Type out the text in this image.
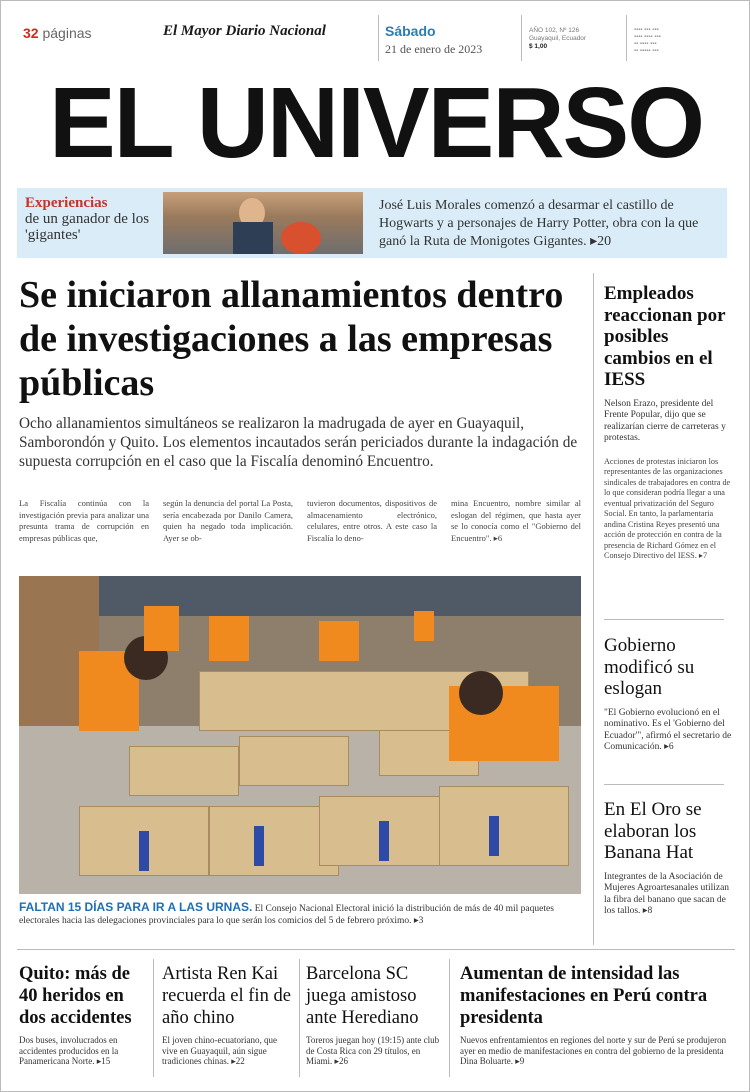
32 páginas	El Mayor Diario Nacional	Sábado
21 de enero de 2023
AÑO 102, Nº 126
Guayaquil, Ecuador
$ 1,00
▪▪▪▪ ▪▪▪ ▪▪▪
▪▪▪▪ ▪▪▪▪ ▪▪▪
▪▪ ▪▪▪▪ ▪▪▪
▪▪ ▪▪▪▪▪ ▪▪▪
EL UNIVERSO
Experiencias
de un ganador de los 'gigantes'
José Luis Morales comenzó a desarmar el castillo de Hogwarts y a personajes de Harry Potter, obra con la que ganó la Ruta de Monigotes Gigantes. ▸20
Se iniciaron allanamientos dentro de investigaciones a las empresas públicas
Ocho allanamientos simultáneos se realizaron la madrugada de ayer en Guayaquil, Samborondón y Quito. Los elementos incautados serán periciados durante la indagación de supuesta corrupción en el caso que la Fiscalía denominó Encuentro.

La Fiscalía continúa con la investigación previa para analizar una presunta trama de corrupción en empresas públicas que,

según la denuncia del portal La Posta, sería encabezada por Danilo Camera, quien ha negado toda implicación. Ayer se ob-

tuvieron documentos, dispositivos de almacenamiento electrónico, celulares, entre otros. A este caso la Fiscalía lo deno-

mina Encuentro, nombre similar al eslogan del régimen, que hasta ayer se lo conocía como el "Gobierno del Encuentro". ▸6

FALTAN 15 DÍAS PARA IR A LAS URNAS. El Consejo Nacional Electoral inició la distribución de más de 40 mil paquetes electorales hacia las delegaciones provinciales para lo que serán los comicios del 5 de febrero próximo. ▸3
Empleados reaccionan por posibles cambios en el IESS
Nelson Erazo, presidente del Frente Popular, dijo que se realizarían cierre de carreteras y protestas.
Acciones de protestas iniciaron los representantes de las organizaciones sindicales de trabajadores en contra de lo que consideran podría llegar a una eventual privatización del Seguro Social. En tanto, la parlamentaria andina Cristina Reyes presentó una acción de protección en contra de la presencia de Richard Gómez en el Consejo Directivo del IESS. ▸7
Gobierno modificó su eslogan
"El Gobierno evolucionó en el nominativo. Es el 'Gobierno del Ecuador'", afirmó el secretario de Comunicación. ▸6
En El Oro se elaboran los Banana Hat
Integrantes de la Asociación de Mujeres Agroartesanales utilizan la fibra del banano que sacan de los tallos. ▸8
Quito: más de 40 heridos en dos accidentes

Dos buses, involucrados en accidentes producidos en la Panamericana Norte. ▸15

Artista Ren Kai recuerda el fin de año chino

El joven chino-ecuatoriano, que vive en Guayaquil, aún sigue tradiciones chinas. ▸22

Barcelona SC juega amistoso ante Herediano

Toreros juegan hoy (19:15) ante club de Costa Rica con 29 títulos, en Miami. ▸26

Aumentan de intensidad las manifestaciones en Perú contra presidenta

Nuevos enfrentamientos en regiones del norte y sur de Perú se produjeron ayer en medio de manifestaciones en contra del gobierno de la presidenta Dina Boluarte. ▸9
